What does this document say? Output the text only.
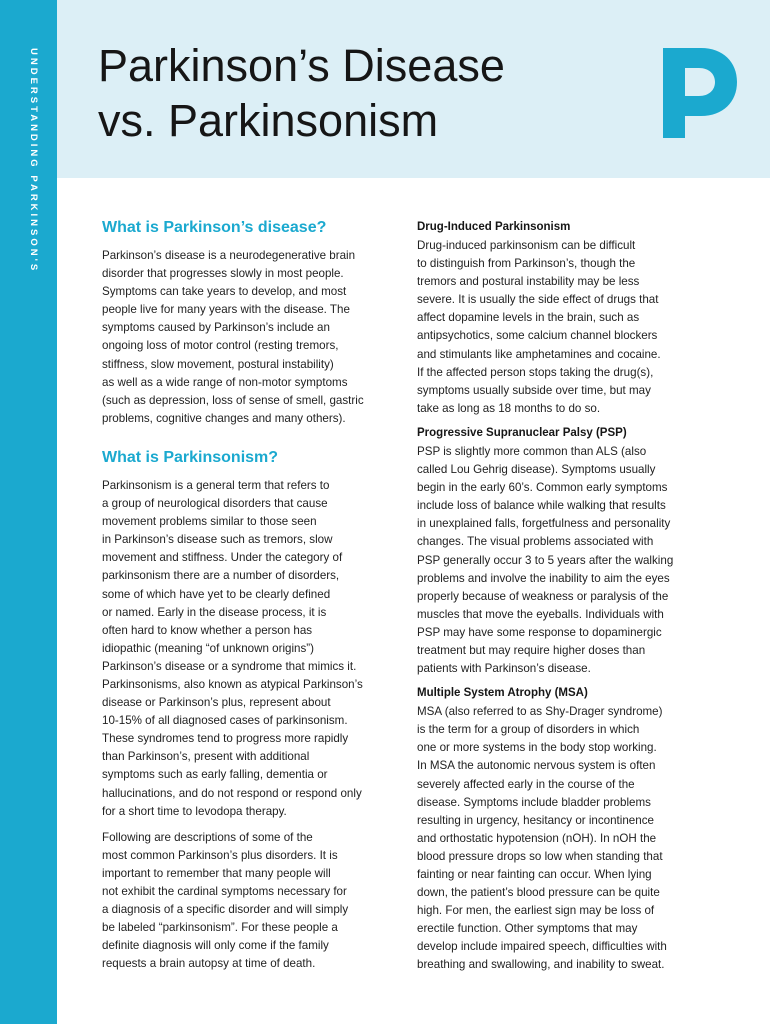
UNDERSTANDING PARKINSON'S Parkinson’s Disease
vs. Parkinsonism
What is Parkinson’s disease?

Parkinson’s disease is a neurodegenerative brain
disorder that progresses slowly in most people.
Symptoms can take years to develop, and most
people live for many years with the disease. The
symptoms caused by Parkinson’s include an
ongoing loss of motor control (resting tremors,
stiffness, slow movement, postural instability)
as well as a wide range of non-motor symptoms
(such as depression, loss of sense of smell, gastric
problems, cognitive changes and many others).

What is Parkinsonism?

Parkinsonism is a general term that refers to
a group of neurological disorders that cause
movement problems similar to those seen
in Parkinson’s disease such as tremors, slow
movement and stiffness. Under the category of
parkinsonism there are a number of disorders,
some of which have yet to be clearly defined
or named. Early in the disease process, it is
often hard to know whether a person has
idiopathic (meaning “of unknown origins”)
Parkinson’s disease or a syndrome that mimics it.
Parkinsonisms, also known as atypical Parkinson’s
disease or Parkinson’s plus, represent about
10-15% of all diagnosed cases of parkinsonism.
These syndromes tend to progress more rapidly
than Parkinson’s, present with additional
symptoms such as early falling, dementia or
hallucinations, and do not respond or respond only
for a short time to levodopa therapy.

Following are descriptions of some of the
most common Parkinson’s plus disorders. It is
important to remember that many people will
not exhibit the cardinal symptoms necessary for
a diagnosis of a specific disorder and will simply
be labeled “parkinsonism”. For these people a
definite diagnosis will only come if the family
requests a brain autopsy at time of death.

Drug-Induced Parkinsonism

Drug-induced parkinsonism can be difficult
to distinguish from Parkinson’s, though the
tremors and postural instability may be less
severe. It is usually the side effect of drugs that
affect dopamine levels in the brain, such as
antipsychotics, some calcium channel blockers
and stimulants like amphetamines and cocaine.
If the affected person stops taking the drug(s),
symptoms usually subside over time, but may
take as long as 18 months to do so.

Progressive Supranuclear Palsy (PSP)

PSP is slightly more common than ALS (also
called Lou Gehrig disease). Symptoms usually
begin in the early 60’s. Common early symptoms
include loss of balance while walking that results
in unexplained falls, forgetfulness and personality
changes. The visual problems associated with
PSP generally occur 3 to 5 years after the walking
problems and involve the inability to aim the eyes
properly because of weakness or paralysis of the
muscles that move the eyeballs. Individuals with
PSP may have some response to dopaminergic
treatment but may require higher doses than
patients with Parkinson’s disease.

Multiple System Atrophy (MSA)

MSA (also referred to as Shy-Drager syndrome)
is the term for a group of disorders in which
one or more systems in the body stop working.
In MSA the autonomic nervous system is often
severely affected early in the course of the
disease. Symptoms include bladder problems
resulting in urgency, hesitancy or incontinence
and orthostatic hypotension (nOH). In nOH the
blood pressure drops so low when standing that
fainting or near fainting can occur. When lying
down, the patient’s blood pressure can be quite
high. For men, the earliest sign may be loss of
erectile function. Other symptoms that may
develop include impaired speech, difficulties with
breathing and swallowing, and inability to sweat.
